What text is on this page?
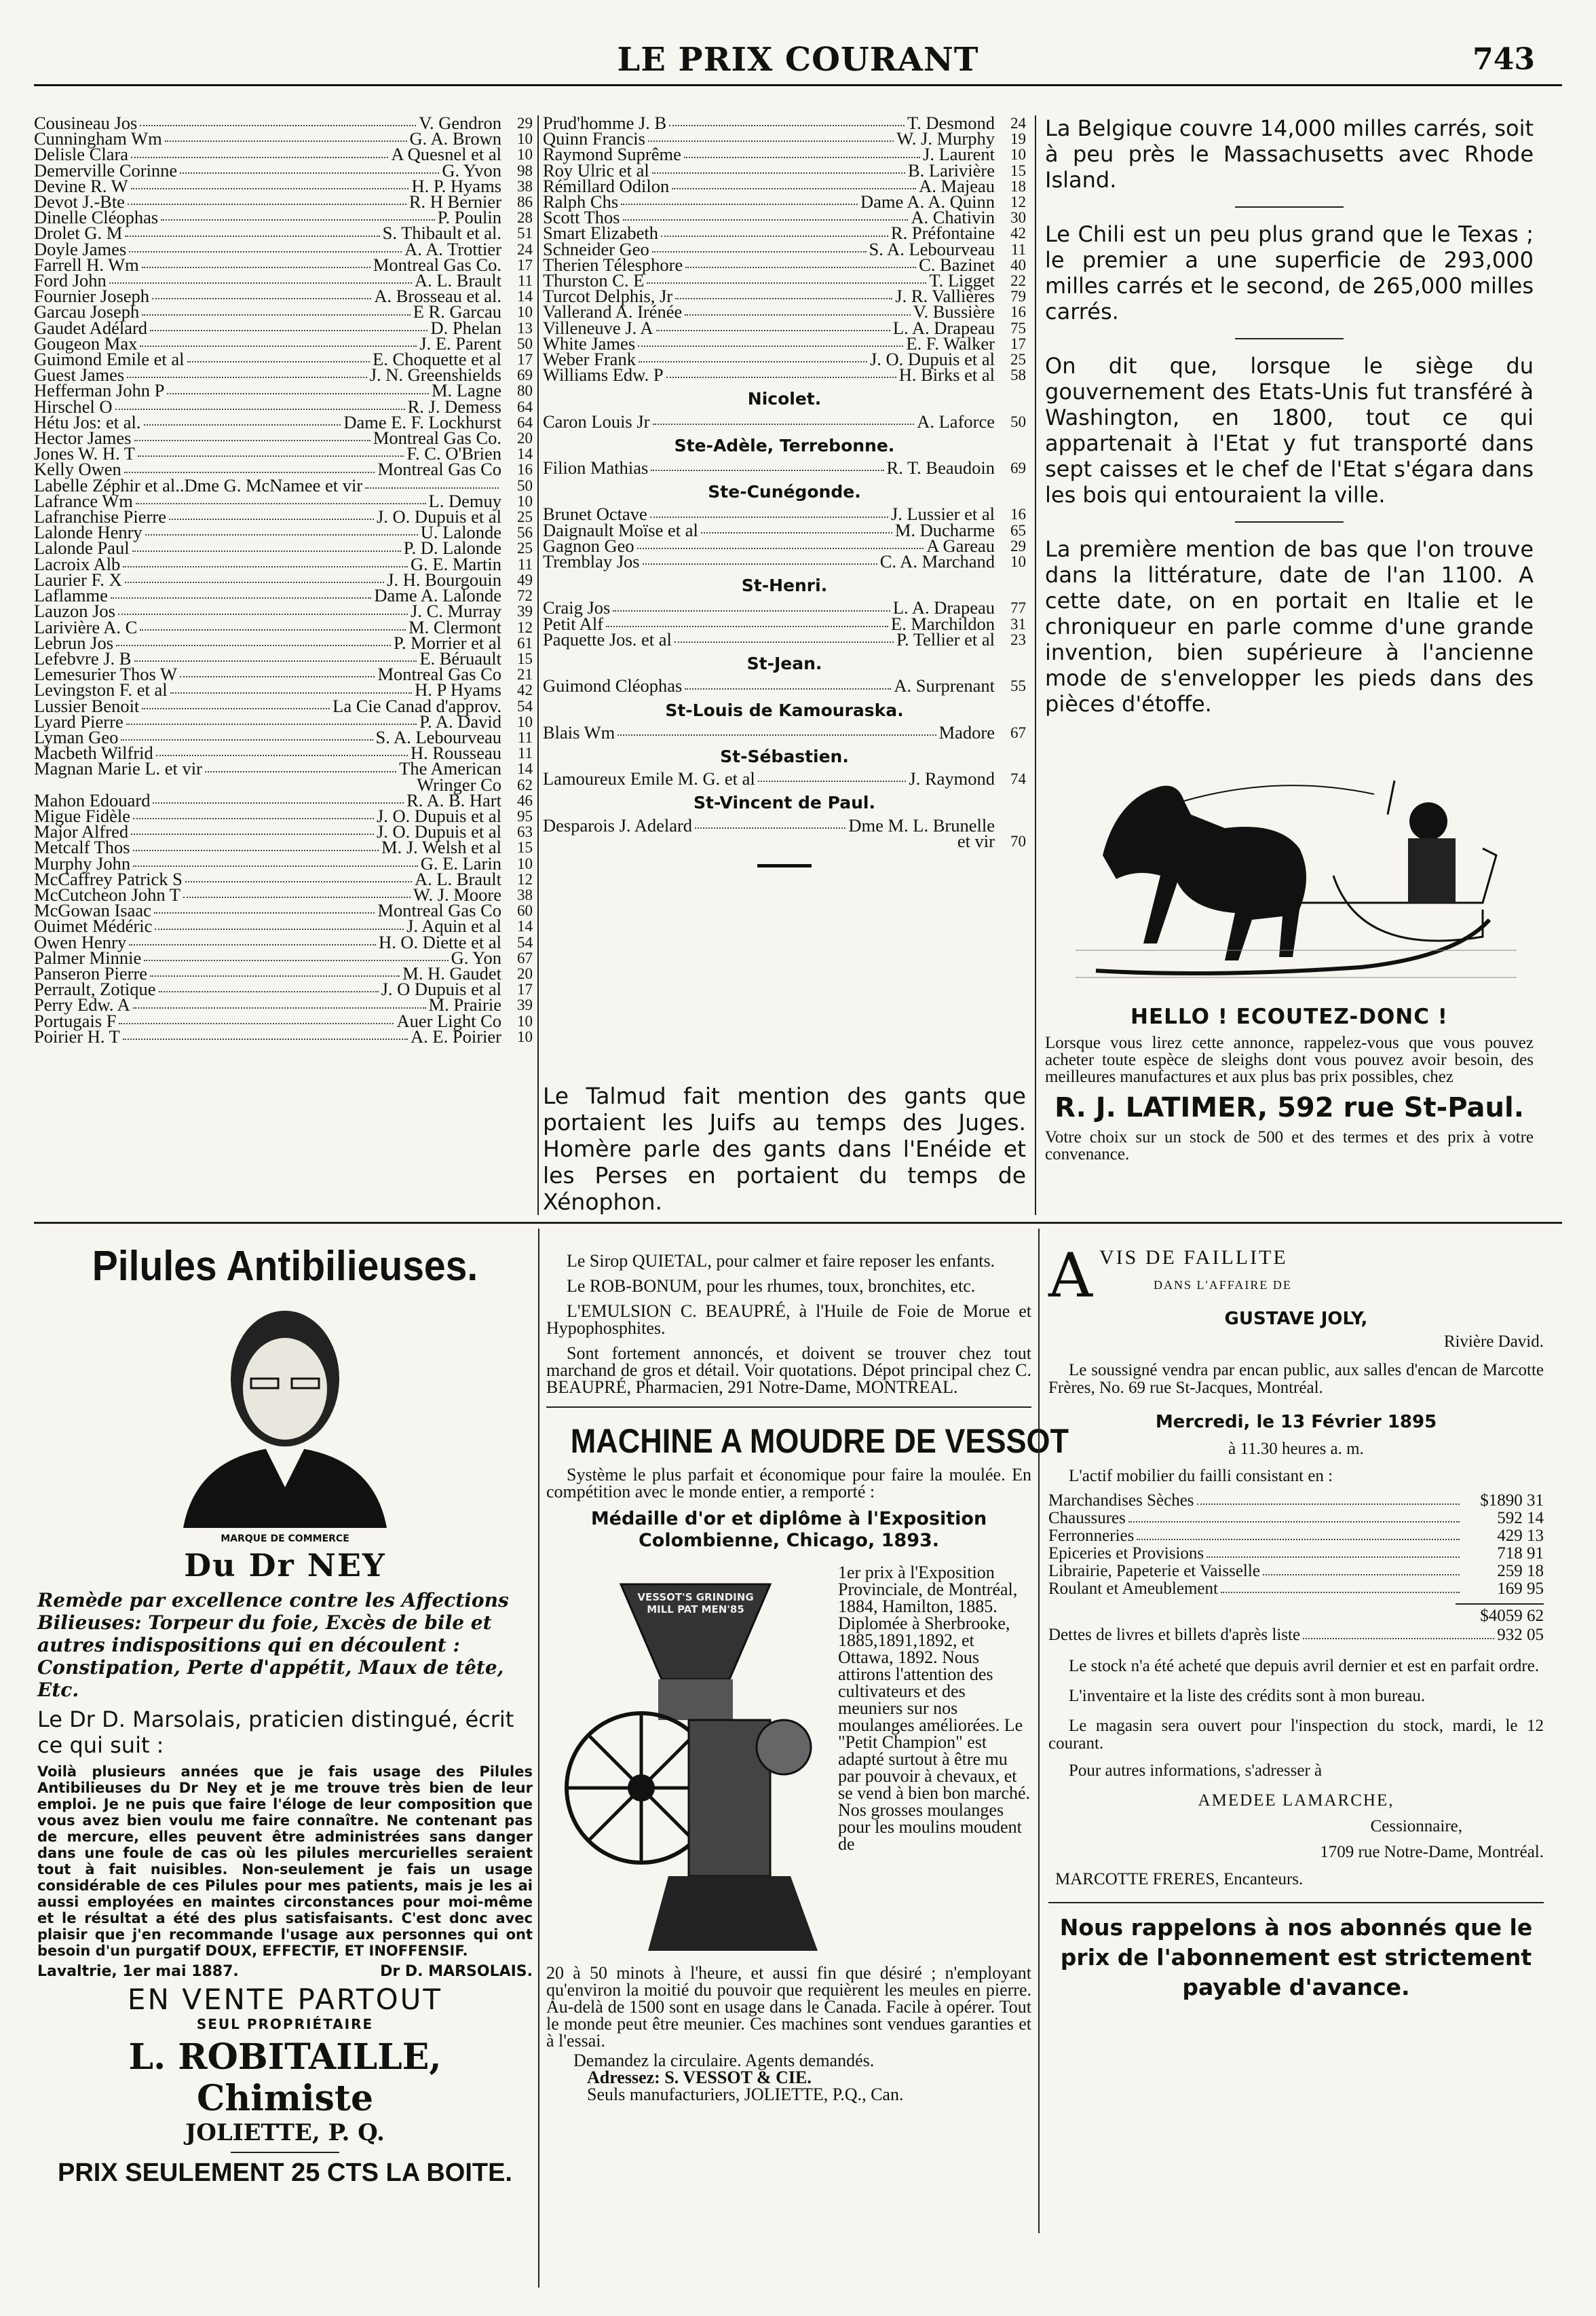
LE PRIX COURANT	743
Cousineau Jos	V. Gendron	29
Cunningham Wm	G. A. Brown	10
Delisle Clara	A Quesnel et al	10
Demerville Corinne	G. Yvon	98
Devine R. W	H. P. Hyams	38
Devot J.-Bte	R. H Bernier	86
Dinelle Cléophas	P. Poulin	28
Drolet G. M	S. Thibault et al.	51
Doyle James	A. A. Trottier	24
Farrell H. Wm	Montreal Gas Co.	17
Ford John	A. L. Brault	11
Fournier Joseph	A. Brosseau et al.	14
Garcau Joseph	E R. Garcau	10
Gaudet Adélard	D. Phelan	13
Gougeon Max	J. E. Parent	50
Guimond Emile et al	E. Choquette et al	17
Guest James	J. N. Greenshields	69
Hefferman John P	M. Lagne	80
Hirschel O	R. J. Demess	64
Hétu Jos: et al.	Dame E. F. Lockhurst	64
Hector James	Montreal Gas Co.	20
Jones W. H. T	F. C. O'Brien	14
Kelly Owen	Montreal Gas Co	16
Labelle Zéphir et al..Dme G. McNamee et vir	50
Lafrance Wm	L. Demuy	10
Lafranchise Pierre	J. O. Dupuis et al	25
Lalonde Henry	U. Lalonde	56
Lalonde Paul	P. D. Lalonde	25
Lacroix Alb	G. E. Martin	11
Laurier F. X	J. H. Bourgouin	49
Laflamme	Dame A. Lalonde	72
Lauzon Jos	J. C. Murray	39
Larivière A. C	M. Clermont	12
Lebrun Jos	P. Morrier et al	61
Lefebvre J. B	E. Béruault	15
Lemesurier Thos W	Montreal Gas Co	21
Levingston F. et al	H. P Hyams	42
Lussier Benoit	La Cie Canad d'approv.	54
Lyard Pierre	P. A. David	10
Lyman Geo	S. A. Lebourveau	11
Macbeth Wilfrid	H. Rousseau	11
Magnan Marie L. et vir	The American	14
Wringer Co	62
Mahon Edouard	R. A. B. Hart	46
Migue Fidèle	J. O. Dupuis et al	95
Major Alfred	J. O. Dupuis et al	63
Metcalf Thos	M. J. Welsh et al	15
Murphy John	G. E. Larin	10
McCaffrey Patrick S	A. L. Brault	12
McCutcheon John T	W. J. Moore	38
McGowan Isaac	Montreal Gas Co	60
Ouimet Médéric	J. Aquin et al	14
Owen Henry	H. O. Diette et al	54
Palmer Minnie	G. Yon	67
Panseron Pierre	M. H. Gaudet	20
Perrault, Zotique	J. O Dupuis et al	17
Perry Edw. A	M. Prairie	39
Portugais F	Auer Light Co	10
Poirier H. T	A. E. Poirier	10
Prud'homme J. B	T. Desmond	24
Quinn Francis	W. J. Murphy	19
Raymond Suprême	J. Laurent	10
Roy Ulric et al	B. Larivière	15
Rémillard Odilon	A. Majeau	18
Ralph Chs	Dame A. A. Quinn	12
Scott Thos	A. Chativin	30
Smart Elizabeth	R. Préfontaine	42
Schneider Geo	S. A. Lebourveau	11
Therien Télesphore	C. Bazinet	40
Thurston C. E	T. Ligget	22
Turcot Delphis, Jr	J. R. Vallières	79
Vallerand A. Irénée	V. Bussière	16
Villeneuve J. A	L. A. Drapeau	75
White James	E. F. Walker	17
Weber Frank	J. O. Dupuis et al	25
Williams Edw. P	H. Birks et al	58
Nicolet.
Caron Louis Jr	A. Laforce	50
Ste-Adèle, Terrebonne.
Filion Mathias	R. T. Beaudoin	69
Ste-Cunégonde.
Brunet Octave	J. Lussier et al	16
Daignault Moïse et al	M. Ducharme	65
Gagnon Geo	A Gareau	29
Tremblay Jos	C. A. Marchand	10
St-Henri.
Craig Jos	L. A. Drapeau	77
Petit Alf	E. Marchildon	31
Paquette Jos. et al	P. Tellier et al	23
St-Jean.
Guimond Cléophas	A. Surprenant	55
St-Louis de Kamouraska.
Blais Wm	Madore	67
St-Sébastien.
Lamoureux Emile M. G. et al	J. Raymond	74
St-Vincent de Paul.
Desparois J. Adelard	Dme M. L. Brunelle
et vir	70
Le Talmud fait mention des gants que portaient les Juifs au temps des Juges. Homère parle des gants dans l'Enéide et les Perses en portaient du temps de Xénophon.
La Belgique couvre 14,000 milles carrés, soit à peu près le Massachusetts avec Rhode Island.
Le Chili est un peu plus grand que le Texas ; le premier a une superficie de 293,000 milles carrés et le second, de 265,000 milles carrés.
On dit que, lorsque le siège du gouvernement des Etats-Unis fut transféré à Washington, en 1800, tout ce qui appartenait à l'Etat y fut transporté dans sept caisses et le chef de l'Etat s'égara dans les bois qui entouraient la ville.
La première mention de bas que l'on trouve dans la littérature, date de l'an 1100. A cette date, on en portait en Italie et le chroniqueur en parle comme d'une grande invention, bien supérieure à l'ancienne mode de s'envelopper les pieds dans des pièces d'étoffe.
HELLO ! ECOUTEZ-DONC !
Lorsque vous lirez cette annonce, rappelez-vous que vous pouvez acheter toute espèce de sleighs dont vous pouvez avoir besoin, des meilleures manufactures et aux plus bas prix possibles, chez
R. J. LATIMER, 592 rue St-Paul.
Votre choix sur un stock de 500 et des termes et des prix à votre convenance.
Pilules Antibilieuses.
MARQUE DE COMMERCE
Du Dr NEY
Remède par excellence contre les Affections Bilieuses: Torpeur du foie, Excès de bile et autres indispositions qui en découlent : Constipation, Perte d'appétit, Maux de tête, Etc.
Le Dr D. Marsolais, praticien distingué, écrit ce qui suit :
Voilà plusieurs années que je fais usage des Pilules Antibilieuses du Dr Ney et je me trouve très bien de leur emploi. Je ne puis que faire l'éloge de leur composition que vous avez bien voulu me faire connaître. Ne contenant pas de mercure, elles peuvent être administrées sans danger dans une foule de cas où les pilules mercurielles seraient tout à fait nuisibles. Non-seulement je fais un usage considérable de ces Pilules pour mes patients, mais je les ai aussi employées en maintes circonstances pour moi-même et le résultat a été des plus satisfaisants. C'est donc avec plaisir que j'en recommande l'usage aux personnes qui ont besoin d'un purgatif DOUX, EFFECTIF, ET INOFFENSIF.
Lavaltrie, 1er mai 1887.	Dr D. MARSOLAIS.
EN VENTE PARTOUT
SEUL PROPRIÉTAIRE
L. ROBITAILLE, Chimiste
JOLIETTE, P. Q.
PRIX SEULEMENT 25 CTS LA BOITE.
Le Sirop QUIETAL, pour calmer et faire reposer les enfants.
Le ROB-BONUM, pour les rhumes, toux, bronchites, etc.
L'EMULSION C. BEAUPRÉ, à l'Huile de Foie de Morue et Hypophosphites.
Sont fortement annoncés, et doivent se trouver chez tout marchand de gros et détail. Voir quotations. Dépot principal chez C. BEAUPRÉ, Pharmacien, 291 Notre-Dame, MONTREAL.
MACHINE A MOUDRE DE VESSOT
Système le plus parfait et économique pour faire la moulée. En compétition avec le monde entier, a remporté :
Médaille d'or et diplôme à l'Exposition Colombienne, Chicago, 1893.
VESSOT'S GRINDING MILL PAT MEN'85
1er prix à l'Exposition Provinciale, de Montréal, 1884, Hamilton, 1885. Diplomée à Sherbrooke, 1885,1891,1892, et Ottawa, 1892. Nous attirons l'attention des cultivateurs et des meuniers sur nos moulanges améliorées. Le "Petit Champion" est adapté surtout à être mu par pouvoir à chevaux, et se vend à bien bon marché. Nos grosses moulanges pour les moulins moudent de
20 à 50 minots à l'heure, et aussi fin que désiré ; n'employant qu'environ la moitié du pouvoir que requièrent les meules en pierre. Au-delà de 1500 sont en usage dans le Canada. Facile à opérer. Tout le monde peut être meunier. Ces machines sont vendues garanties et à l'essai.
Demandez la circulaire. Agents demandés.
Adressez: S. VESSOT & CIE.
Seuls manufacturiers, JOLIETTE, P.Q., Can.
A VIS DE FAILLITE
DANS L'AFFAIRE DE
GUSTAVE JOLY,
Rivière David.
Le soussigné vendra par encan public, aux salles d'encan de Marcotte Frères, No. 69 rue St-Jacques, Montréal.
Mercredi, le 13 Février 1895
à 11.30 heures a. m.
L'actif mobilier du failli consistant en :
Marchandises Sèches	$1890 31
Chaussures	592 14
Ferronneries	429 13
Epiceries et Provisions	718 91
Librairie, Papeterie et Vaisselle	259 18
Roulant et Ameublement	169 95
$4059 62
Dettes de livres et billets d'après liste	932 05
Le stock n'a été acheté que depuis avril dernier et est en parfait ordre.
L'inventaire et la liste des crédits sont à mon bureau.
Le magasin sera ouvert pour l'inspection du stock, mardi, le 12 courant.
Pour autres informations, s'adresser à
AMEDEE LAMARCHE,
Cessionnaire,
1709 rue Notre-Dame, Montréal.
MARCOTTE FRERES, Encanteurs.
Nous rappelons à nos abonnés que le prix de l'abonnement est strictement payable d'avance.
